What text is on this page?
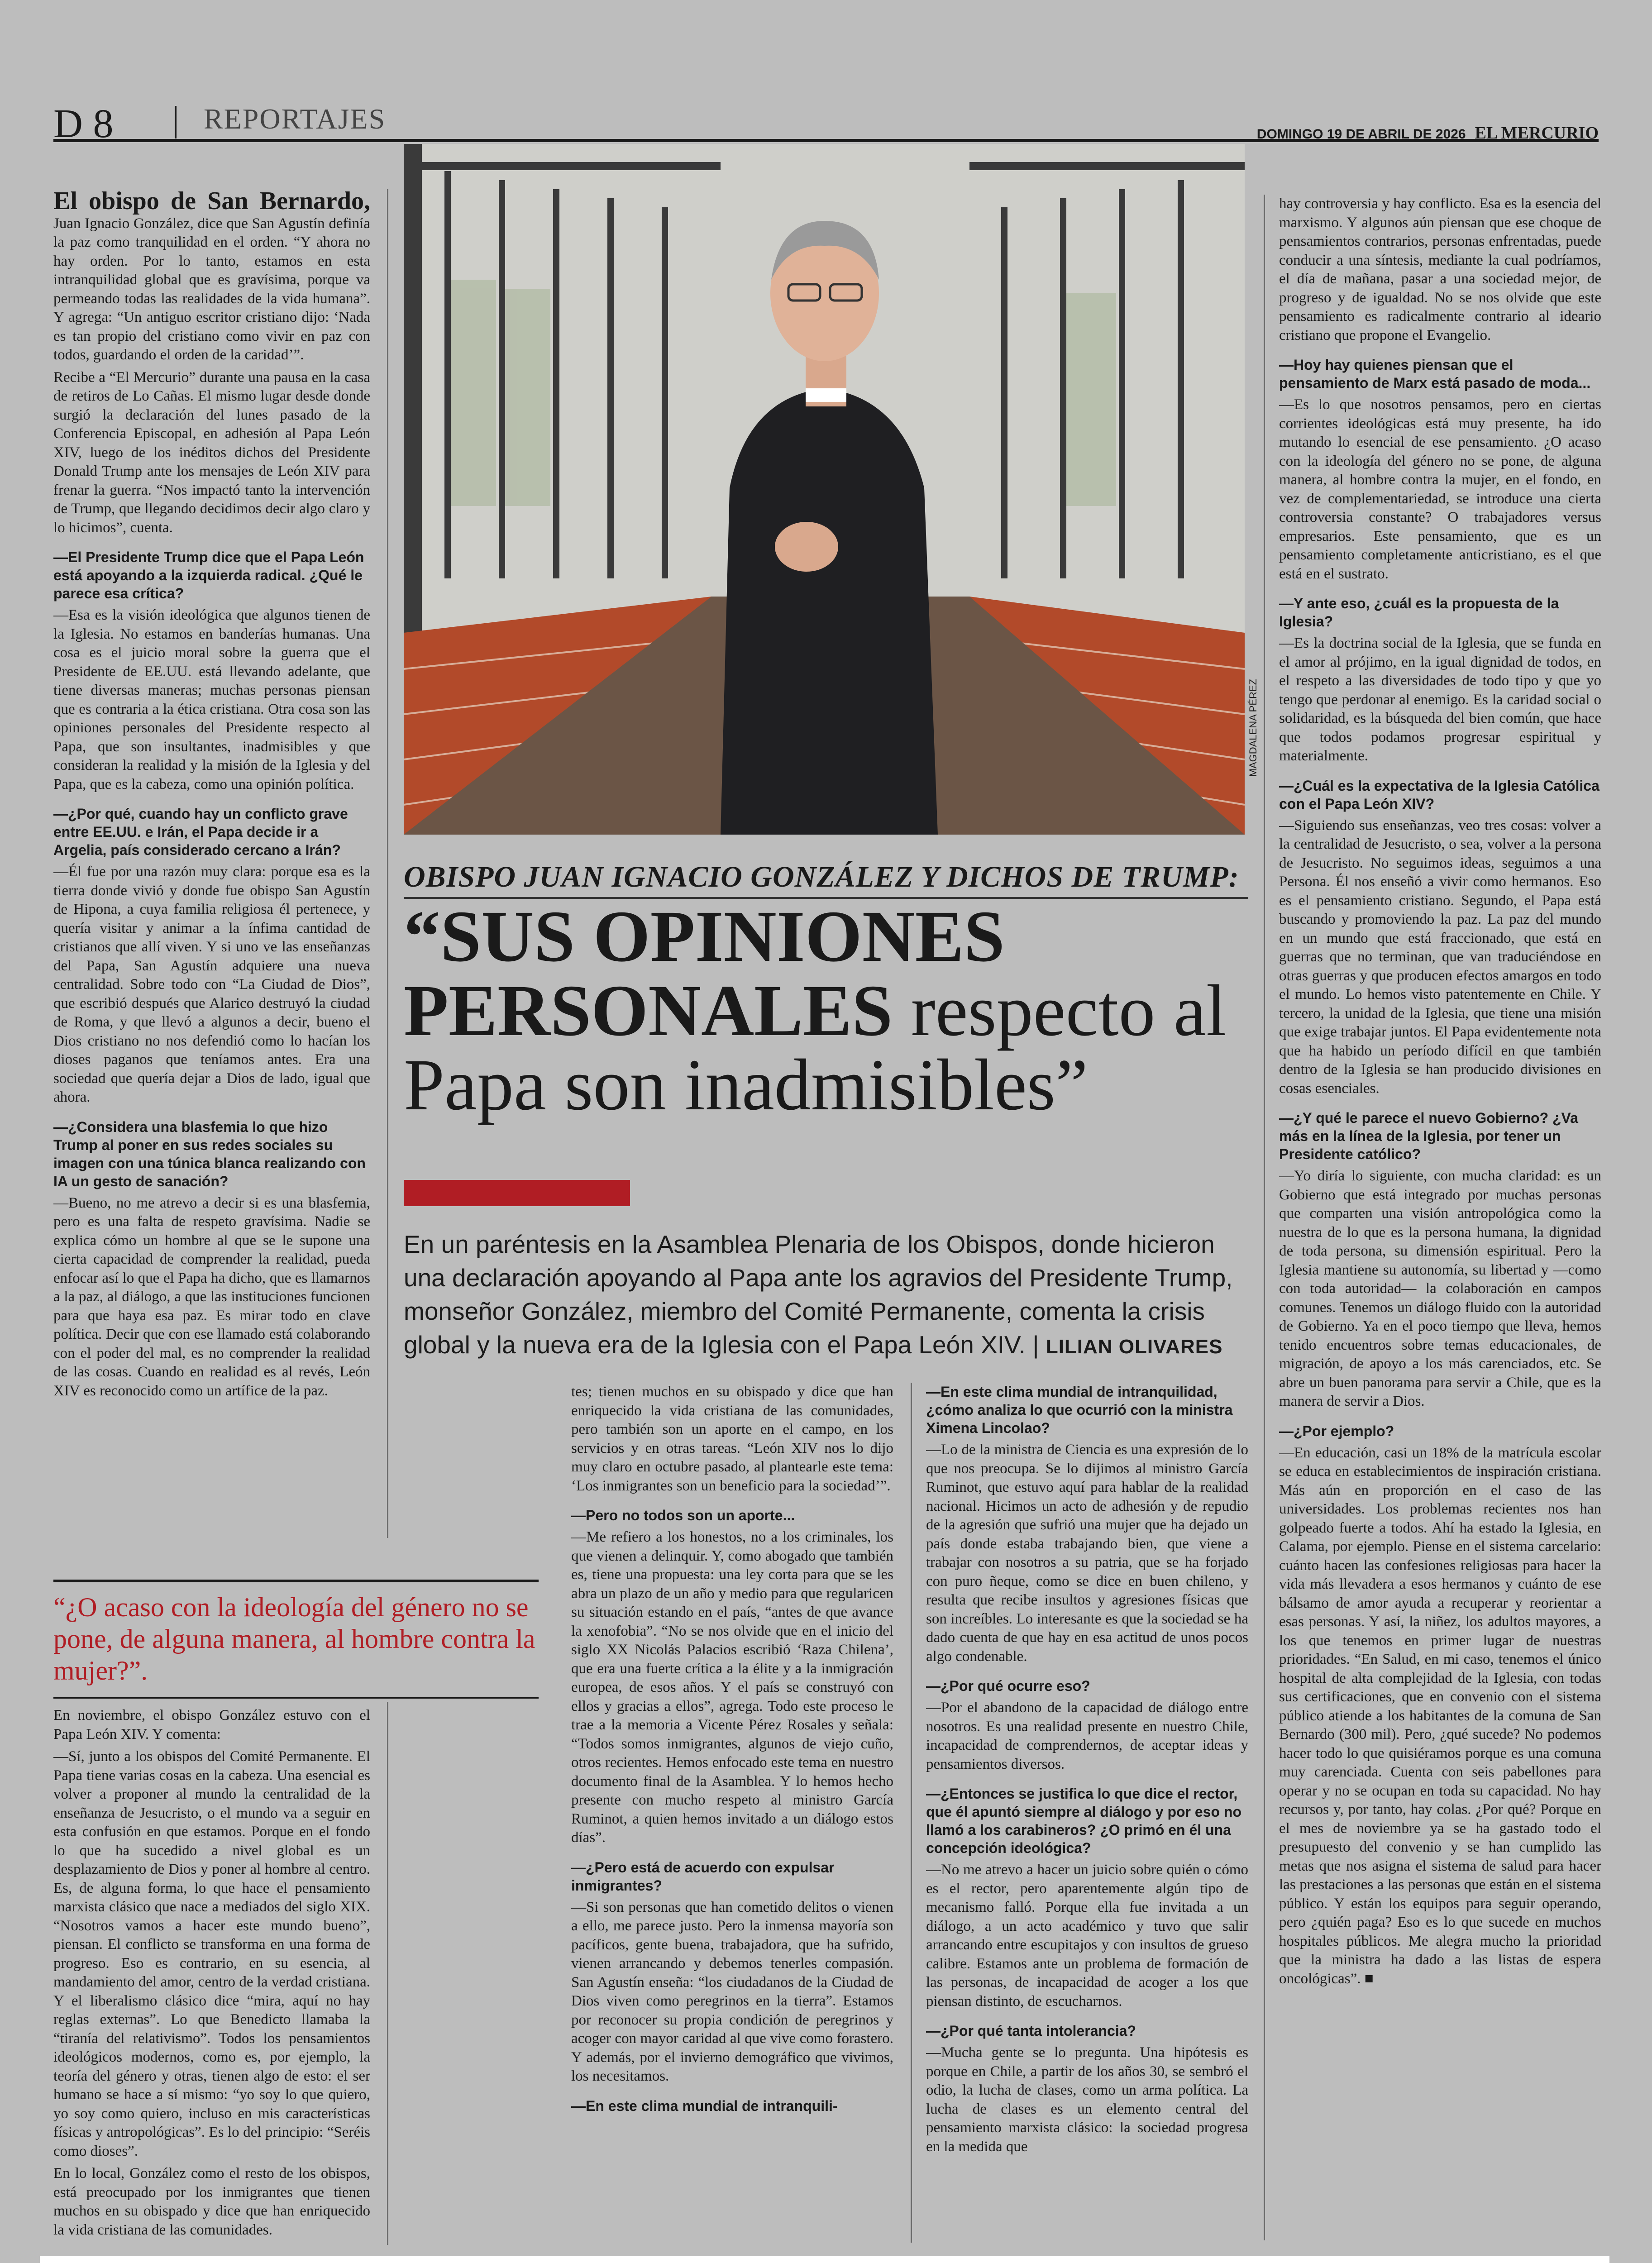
D 8	REPORTAJES	DOMINGO 19 DE ABRIL DE 2026 EL MERCURIO

El obispo de San Bernardo, Juan Ignacio González, dice que San Agustín definía la paz como tranquilidad en el orden. “Y ahora no hay orden. Por lo tanto, estamos en esta intranquilidad global que es gravísima, porque va permeando todas las realidades de la vida humana”. Y agrega: “Un antiguo escritor cristiano dijo: ‘Nada es tan propio del cristiano como vivir en paz con todos, guardando el orden de la caridad’”.

Recibe a “El Mercurio” durante una pausa en la casa de retiros de Lo Cañas. El mismo lugar desde donde surgió la declaración del lunes pasado de la Conferencia Episcopal, en adhesión al Papa León XIV, luego de los inéditos dichos del Presidente Donald Trump ante los mensajes de León XIV para frenar la guerra. “Nos impactó tanto la intervención de Trump, que llegando decidimos decir algo claro y lo hicimos”, cuenta.

—El Presidente Trump dice que el Papa León está apoyando a la izquierda radical. ¿Qué le parece esa crítica?

—Esa es la visión ideológica que algunos tienen de la Iglesia. No estamos en banderías humanas. Una cosa es el juicio moral sobre la guerra que el Presidente de EE.UU. está llevando adelante, que tiene diversas maneras; muchas personas piensan que es contraria a la ética cristiana. Otra cosa son las opiniones personales del Presidente respecto al Papa, que son insultantes, inadmisibles y que consideran la realidad y la misión de la Iglesia y del Papa, que es la cabeza, como una opinión política.

—¿Por qué, cuando hay un conflicto grave entre EE.UU. e Irán, el Papa decide ir a Argelia, país considerado cercano a Irán?

—Él fue por una razón muy clara: porque esa es la tierra donde vivió y donde fue obispo San Agustín de Hipona, a cuya familia religiosa él pertenece, y quería visitar y animar a la ínfima cantidad de cristianos que allí viven. Y si uno ve las enseñanzas del Papa, San Agustín adquiere una nueva centralidad. Sobre todo con “La Ciudad de Dios”, que escribió después que Alarico destruyó la ciudad de Roma, y que llevó a algunos a decir, bueno el Dios cristiano no nos defendió como lo hacían los dioses paganos que teníamos antes. Era una sociedad que quería dejar a Dios de lado, igual que ahora.

—¿Considera una blasfemia lo que hizo Trump al poner en sus redes sociales su imagen con una túnica blanca realizando con IA un gesto de sanación?

—Bueno, no me atrevo a decir si es una blasfemia, pero es una falta de respeto gravísima. Nadie se explica cómo un hombre al que se le supone una cierta capacidad de comprender la realidad, pueda enfocar así lo que el Papa ha dicho, que es llamarnos a la paz, al diálogo, a que las instituciones funcionen para que haya esa paz. Es mirar todo en clave política. Decir que con ese llamado está colaborando con el poder del mal, es no comprender la realidad de las cosas. Cuando en realidad es al revés, León XIV es reconocido como un artífice de la paz.

“¿O acaso con la ideología del género no se pone, de alguna manera, al hombre contra la mujer?”.

En noviembre, el obispo González estuvo con el Papa León XIV. Y comenta:

—Sí, junto a los obispos del Comité Permanente. El Papa tiene varias cosas en la cabeza. Una esencial es volver a proponer al mundo la centralidad de la enseñanza de Jesucristo, o el mundo va a seguir en esta confusión en que estamos. Porque en el fondo lo que ha sucedido a nivel global es un desplazamiento de Dios y poner al hombre al centro. Es, de alguna forma, lo que hace el pensamiento marxista clásico que nace a mediados del siglo XIX. “Nosotros vamos a hacer este mundo bueno”, piensan. El conflicto se transforma en una forma de progreso. Eso es contrario, en su esencia, al mandamiento del amor, centro de la verdad cristiana. Y el liberalismo clásico dice “mira, aquí no hay reglas externas”. Lo que Benedicto llamaba la “tiranía del relativismo”. Todos los pensamientos ideológicos modernos, como es, por ejemplo, la teoría del género y otras, tienen algo de esto: el ser humano se hace a sí mismo: “yo soy lo que quiero, yo soy como quiero, incluso en mis características físicas y antropológicas”. Es lo del principio: “Seréis como dioses”.

En lo local, González como el resto de los obispos, está preocupado por los inmigrantes que tienen muchos en su obispado y dice que han enriquecido la vida cristiana de las comunidades.

MAGDALENA PÉREZ
OBISPO JUAN IGNACIO GONZÁLEZ Y DICHOS DE TRUMP:
“SUS OPINIONES PERSONALES respecto al Papa son inadmisibles”
En un paréntesis en la Asamblea Plenaria de los Obispos, donde hicieron una declaración apoyando al Papa ante los agravios del Presidente Trump, monseñor González, miembro del Comité Permanente, comenta la crisis global y la nueva era de la Iglesia con el Papa León XIV. | LILIAN OLIVARES

tes; tienen muchos en su obispado y dice que han enriquecido la vida cristiana de las comunidades, pero también son un aporte en el campo, en los servicios y en otras tareas. “León XIV nos lo dijo muy claro en octubre pasado, al plantearle este tema: ‘Los inmigrantes son un beneficio para la sociedad’”.

—Pero no todos son un aporte...

—Me refiero a los honestos, no a los criminales, los que vienen a delinquir. Y, como abogado que también es, tiene una propuesta: una ley corta para que se les abra un plazo de un año y medio para que regularicen su situación estando en el país, “antes de que avance la xenofobia”. “No se nos olvide que en el inicio del siglo XX Nicolás Palacios escribió ‘Raza Chilena’, que era una fuerte crítica a la élite y a la inmigración europea, de esos años. Y el país se construyó con ellos y gracias a ellos”, agrega. Todo este proceso le trae a la memoria a Vicente Pérez Rosales y señala: “Todos somos inmigrantes, algunos de viejo cuño, otros recientes. Hemos enfocado este tema en nuestro documento final de la Asamblea. Y lo hemos hecho presente con mucho respeto al ministro García Ruminot, a quien hemos invitado a un diálogo estos días”.

—¿Pero está de acuerdo con expulsar inmigrantes?

—Si son personas que han cometido delitos o vienen a ello, me parece justo. Pero la inmensa mayoría son pacíficos, gente buena, trabajadora, que ha sufrido, vienen arrancando y debemos tenerles compasión. San Agustín enseña: “los ciudadanos de la Ciudad de Dios viven como peregrinos en la tierra”. Estamos por reconocer su propia condición de peregrinos y acoger con mayor caridad al que vive como forastero. Y además, por el invierno demográfico que vivimos, los necesitamos.

—En este clima mundial de intranquili-

—En este clima mundial de intranquilidad, ¿cómo analiza lo que ocurrió con la ministra Ximena Lincolao?

—Lo de la ministra de Ciencia es una expresión de lo que nos preocupa. Se lo dijimos al ministro García Ruminot, que estuvo aquí para hablar de la realidad nacional. Hicimos un acto de adhesión y de repudio de la agresión que sufrió una mujer que ha dejado un país donde estaba trabajando bien, que viene a trabajar con nosotros a su patria, que se ha forjado con puro ñeque, como se dice en buen chileno, y resulta que recibe insultos y agresiones físicas que son increíbles. Lo interesante es que la sociedad se ha dado cuenta de que hay en esa actitud de unos pocos algo condenable.

—¿Por qué ocurre eso?

—Por el abandono de la capacidad de diálogo entre nosotros. Es una realidad presente en nuestro Chile, incapacidad de comprendernos, de aceptar ideas y pensamientos diversos.

—¿Entonces se justifica lo que dice el rector, que él apuntó siempre al diálogo y por eso no llamó a los carabineros? ¿O primó en él una concepción ideológica?

—No me atrevo a hacer un juicio sobre quién o cómo es el rector, pero aparentemente algún tipo de mecanismo falló. Porque ella fue invitada a un diálogo, a un acto académico y tuvo que salir arrancando entre escupitajos y con insultos de grueso calibre. Estamos ante un problema de formación de las personas, de incapacidad de acoger a los que piensan distinto, de escucharnos.

—¿Por qué tanta intolerancia?

—Mucha gente se lo pregunta. Una hipótesis es porque en Chile, a partir de los años 30, se sembró el odio, la lucha de clases, como un arma política. La lucha de clases es un elemento central del pensamiento marxista clásico: la sociedad progresa en la medida que

hay controversia y hay conflicto. Esa es la esencia del marxismo. Y algunos aún piensan que ese choque de pensamientos contrarios, personas enfrentadas, puede conducir a una síntesis, mediante la cual podríamos, el día de mañana, pasar a una sociedad mejor, de progreso y de igualdad. No se nos olvide que este pensamiento es radicalmente contrario al ideario cristiano que propone el Evangelio.

—Hoy hay quienes piensan que el pensamiento de Marx está pasado de moda...

—Es lo que nosotros pensamos, pero en ciertas corrientes ideológicas está muy presente, ha ido mutando lo esencial de ese pensamiento. ¿O acaso con la ideología del género no se pone, de alguna manera, al hombre contra la mujer, en el fondo, en vez de complementariedad, se introduce una cierta controversia constante? O trabajadores versus empresarios. Este pensamiento, que es un pensamiento completamente anticristiano, es el que está en el sustrato.

—Y ante eso, ¿cuál es la propuesta de la Iglesia?

—Es la doctrina social de la Iglesia, que se funda en el amor al prójimo, en la igual dignidad de todos, en el respeto a las diversidades de todo tipo y que yo tengo que perdonar al enemigo. Es la caridad social o solidaridad, es la búsqueda del bien común, que hace que todos podamos progresar espiritual y materialmente.

—¿Cuál es la expectativa de la Iglesia Católica con el Papa León XIV?

—Siguiendo sus enseñanzas, veo tres cosas: volver a la centralidad de Jesucristo, o sea, volver a la persona de Jesucristo. No seguimos ideas, seguimos a una Persona. Él nos enseñó a vivir como hermanos. Eso es el pensamiento cristiano. Segundo, el Papa está buscando y promoviendo la paz. La paz del mundo en un mundo que está fraccionado, que está en guerras que no terminan, que van traduciéndose en otras guerras y que producen efectos amargos en todo el mundo. Lo hemos visto patentemente en Chile. Y tercero, la unidad de la Iglesia, que tiene una misión que exige trabajar juntos. El Papa evidentemente nota que ha habido un período difícil en que también dentro de la Iglesia se han producido divisiones en cosas esenciales.

—¿Y qué le parece el nuevo Gobierno? ¿Va más en la línea de la Iglesia, por tener un Presidente católico?

—Yo diría lo siguiente, con mucha claridad: es un Gobierno que está integrado por muchas personas que comparten una visión antropológica como la nuestra de lo que es la persona humana, la dignidad de toda persona, su dimensión espiritual. Pero la Iglesia mantiene su autonomía, su libertad y —como con toda autoridad— la colaboración en campos comunes. Tenemos un diálogo fluido con la autoridad de Gobierno. Ya en el poco tiempo que lleva, hemos tenido encuentros sobre temas educacionales, de migración, de apoyo a los más carenciados, etc. Se abre un buen panorama para servir a Chile, que es la manera de servir a Dios.

—¿Por ejemplo?

—En educación, casi un 18% de la matrícula escolar se educa en establecimientos de inspiración cristiana. Más aún en proporción en el caso de las universidades. Los problemas recientes nos han golpeado fuerte a todos. Ahí ha estado la Iglesia, en Calama, por ejemplo. Piense en el sistema carcelario: cuánto hacen las confesiones religiosas para hacer la vida más llevadera a esos hermanos y cuánto de ese bálsamo de amor ayuda a recuperar y reorientar a esas personas. Y así, la niñez, los adultos mayores, a los que tenemos en primer lugar de nuestras prioridades. “En Salud, en mi caso, tenemos el único hospital de alta complejidad de la Iglesia, con todas sus certificaciones, que en convenio con el sistema público atiende a los habitantes de la comuna de San Bernardo (300 mil). Pero, ¿qué sucede? No podemos hacer todo lo que quisiéramos porque es una comuna muy carenciada. Cuenta con seis pabellones para operar y no se ocupan en toda su capacidad. No hay recursos y, por tanto, hay colas. ¿Por qué? Porque en el mes de noviembre ya se ha gastado todo el presupuesto del convenio y se han cumplido las metas que nos asigna el sistema de salud para hacer las prestaciones a las personas que están en el sistema público. Y están los equipos para seguir operando, pero ¿quién paga? Eso es lo que sucede en muchos hospitales públicos. Me alegra mucho la prioridad que la ministra ha dado a las listas de espera oncológicas”. ■
